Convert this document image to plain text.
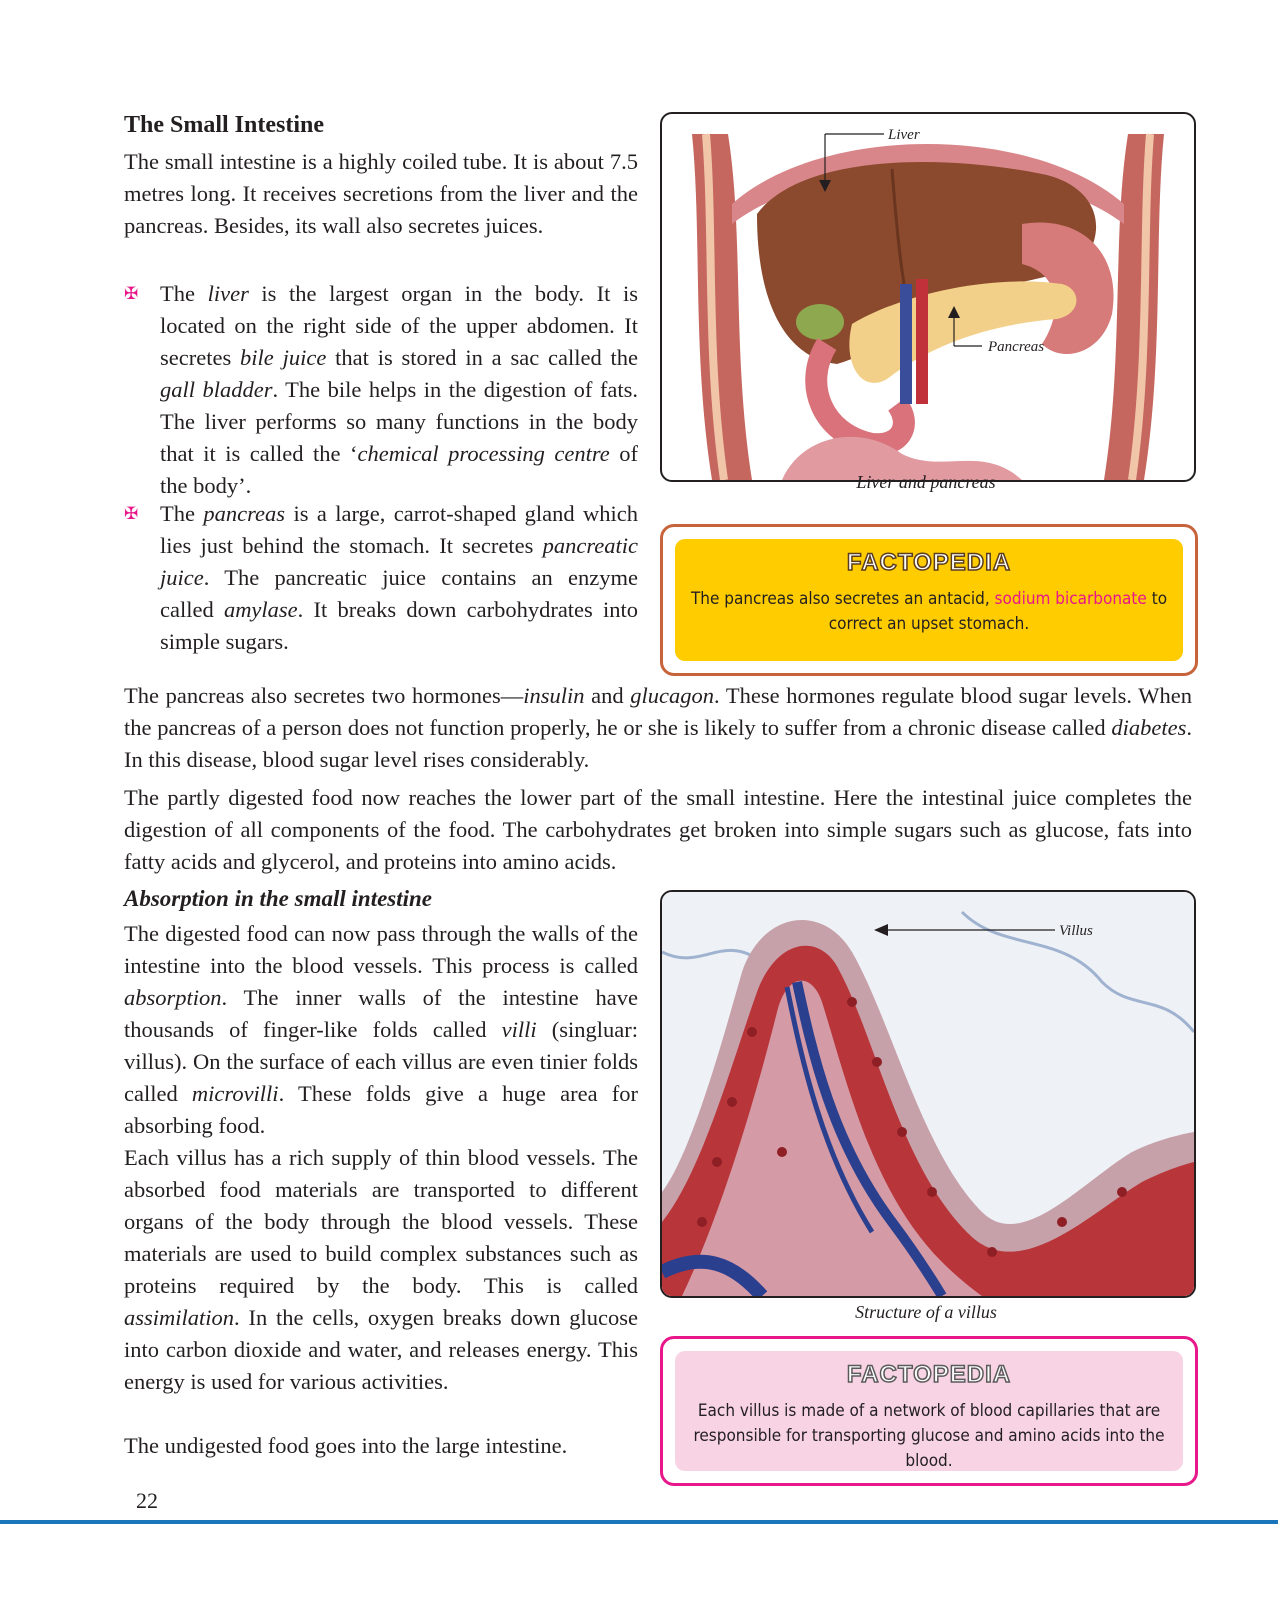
The Small Intestine

The small intestine is a highly coiled tube. It is about 7.5 metres long. It receives secretions from the liver and the pancreas. Besides, its wall also secretes juices.

✠ The liver is the largest organ in the body. It is located on the right side of the upper abdomen. It secretes bile juice that is stored in a sac called the gall bladder. The bile helps in the digestion of fats. The liver performs so many functions in the body that it is called the ‘chemical processing centre of the body’.

✠ The pancreas is a large, carrot-shaped gland which lies just behind the stomach. It secretes pancreatic juice. The pancreatic juice contains an enzyme called amylase. It breaks down carbohydrates into simple sugars.

Liver
Pancreas
Liver and pancreas
FACTOPEDIA
The pancreas also secretes an antacid, sodium bicarbonate to correct an upset stomach.

The pancreas also secretes two hormones—insulin and glucagon. These hormones regulate blood sugar levels. When the pancreas of a person does not function properly, he or she is likely to suffer from a chronic disease called diabetes. In this disease, blood sugar level rises considerably.

The partly digested food now reaches the lower part of the small intestine. Here the intestinal juice completes the digestion of all components of the food. The carbohydrates get broken into simple sugars such as glucose, fats into fatty acids and glycerol, and proteins into amino acids.

Absorption in the small intestine

The digested food can now pass through the walls of the intestine into the blood vessels. This process is called absorption. The inner walls of the intestine have thousands of finger-like folds called villi (singluar: villus). On the surface of each villus are even tinier folds called microvilli. These folds give a huge area for absorbing food.

Each villus has a rich supply of thin blood vessels. The absorbed food materials are transported to different organs of the body through the blood vessels. These materials are used to build complex substances such as proteins required by the body. This is called assimilation. In the cells, oxygen breaks down glucose into carbon dioxide and water, and releases energy. This energy is used for various activities.

The undigested food goes into the large intestine.

Villus
Structure of a villus
FACTOPEDIA
Each villus is made of a network of blood capillaries that are responsible for transporting glucose and amino acids into the blood.
22
